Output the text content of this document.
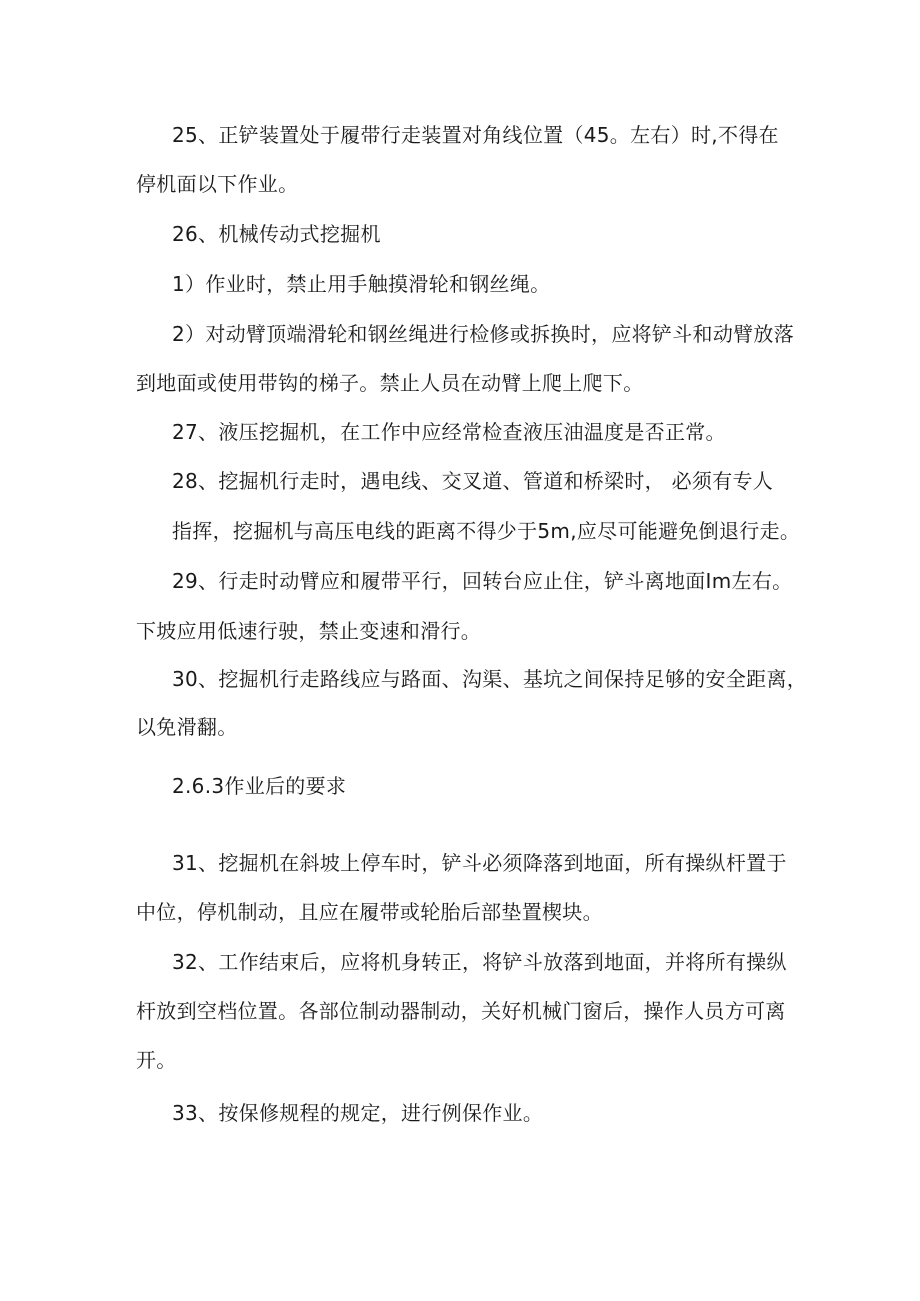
25、正铲装置处于履带行走装置对角线位置（45。左右）时,不得在
停机面以下作业。
26、机械传动式挖掘机
1）作业时，禁止用手触摸滑轮和钢丝绳。
2）对动臂顶端滑轮和钢丝绳进行检修或拆换时，应将铲斗和动臂放落
到地面或使用带钩的梯子。禁止人员在动臂上爬上爬下。
27、液压挖掘机，在工作中应经常检查液压油温度是否正常。
28、挖掘机行走时，遇电线、交叉道、管道和桥梁时， 必须有专人
指挥，挖掘机与高压电线的距离不得少于5m,应尽可能避免倒退行走。
29、行走时动臂应和履带平行，回转台应止住，铲斗离地面Im左右。
下坡应用低速行驶，禁止变速和滑行。
30、挖掘机行走路线应与路面、沟渠、基坑之间保持足够的安全距离，
以免滑翻。
2.6.3作业后的要求
31、挖掘机在斜坡上停车时，铲斗必须降落到地面，所有操纵杆置于
中位，停机制动，且应在履带或轮胎后部垫置楔块。
32、工作结束后，应将机身转正，将铲斗放落到地面，并将所有操纵
杆放到空档位置。各部位制动器制动，关好机械门窗后，操作人员方可离
开。
33、按保修规程的规定，进行例保作业。
